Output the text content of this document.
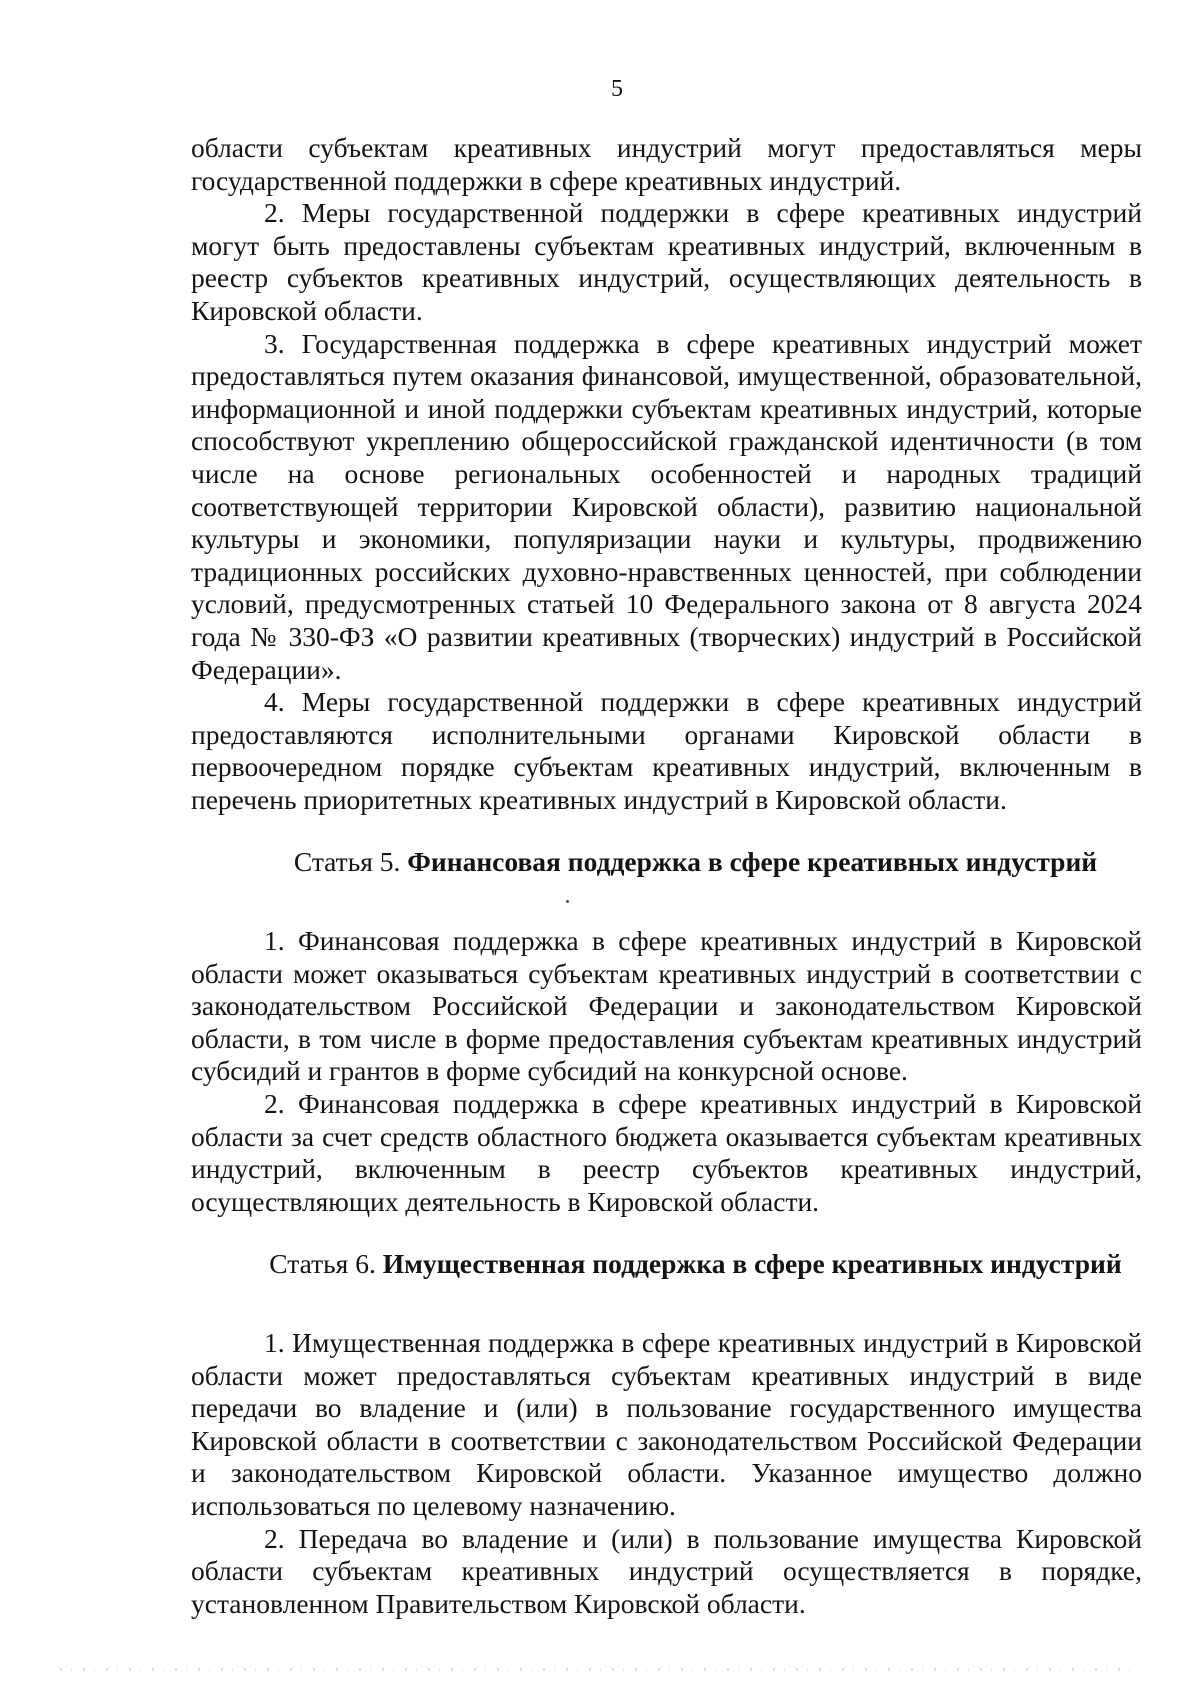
5

области субъектам креативных индустрий могут предоставляться меры государственной поддержки в сфере креативных индустрий.

2. Меры государственной поддержки в сфере креативных индустрий могут быть предоставлены субъектам креативных индустрий, включенным в реестр субъектов креативных индустрий, осуществляющих деятельность в Кировской области.

3. Государственная поддержка в сфере креативных индустрий может предоставляться путем оказания финансовой, имущественной, образовательной, информационной и иной поддержки субъектам креативных индустрий, которые способствуют укреплению общероссийской гражданской идентичности (в том числе на основе региональных особенностей и народных традиций соответствующей территории Кировской области), развитию национальной культуры и экономики, популяризации науки и культуры, продвижению традиционных российских духовно-нравственных ценностей, при соблюдении условий, предусмотренных статьей 10 Федерального закона от 8 августа 2024 года № 330-ФЗ «О развитии креативных (творческих) индустрий в Российской Федерации».

4. Меры государственной поддержки в сфере креативных индустрий предоставляются исполнительными органами Кировской области в первоочередном порядке субъектам креативных индустрий, включенным в перечень приоритетных креативных индустрий в Кировской области.

Статья 5. Финансовая поддержка в сфере креативных индустрий

1. Финансовая поддержка в сфере креативных индустрий в Кировской области может оказываться субъектам креативных индустрий в соответствии с законодательством Российской Федерации и законодательством Кировской области, в том числе в форме предоставления субъектам креативных индустрий субсидий и грантов в форме субсидий на конкурсной основе.

2. Финансовая поддержка в сфере креативных индустрий в Кировской области за счет средств областного бюджета оказывается субъектам креативных индустрий, включенным в реестр субъектов креативных индустрий, осуществляющих деятельность в Кировской области.

Статья 6. Имущественная поддержка в сфере креативных индустрий

1. Имущественная поддержка в сфере креативных индустрий в Кировской области может предоставляться субъектам креативных индустрий в виде передачи во владение и (или) в пользование государственного имущества Кировской области в соответствии с законодательством Российской Федерации и законодательством Кировской области. Указанное имущество должно использоваться по целевому назначению.

2. Передача во владение и (или) в пользование имущества Кировской области субъектам креативных индустрий осуществляется в порядке, установленном Правительством Кировской области.
